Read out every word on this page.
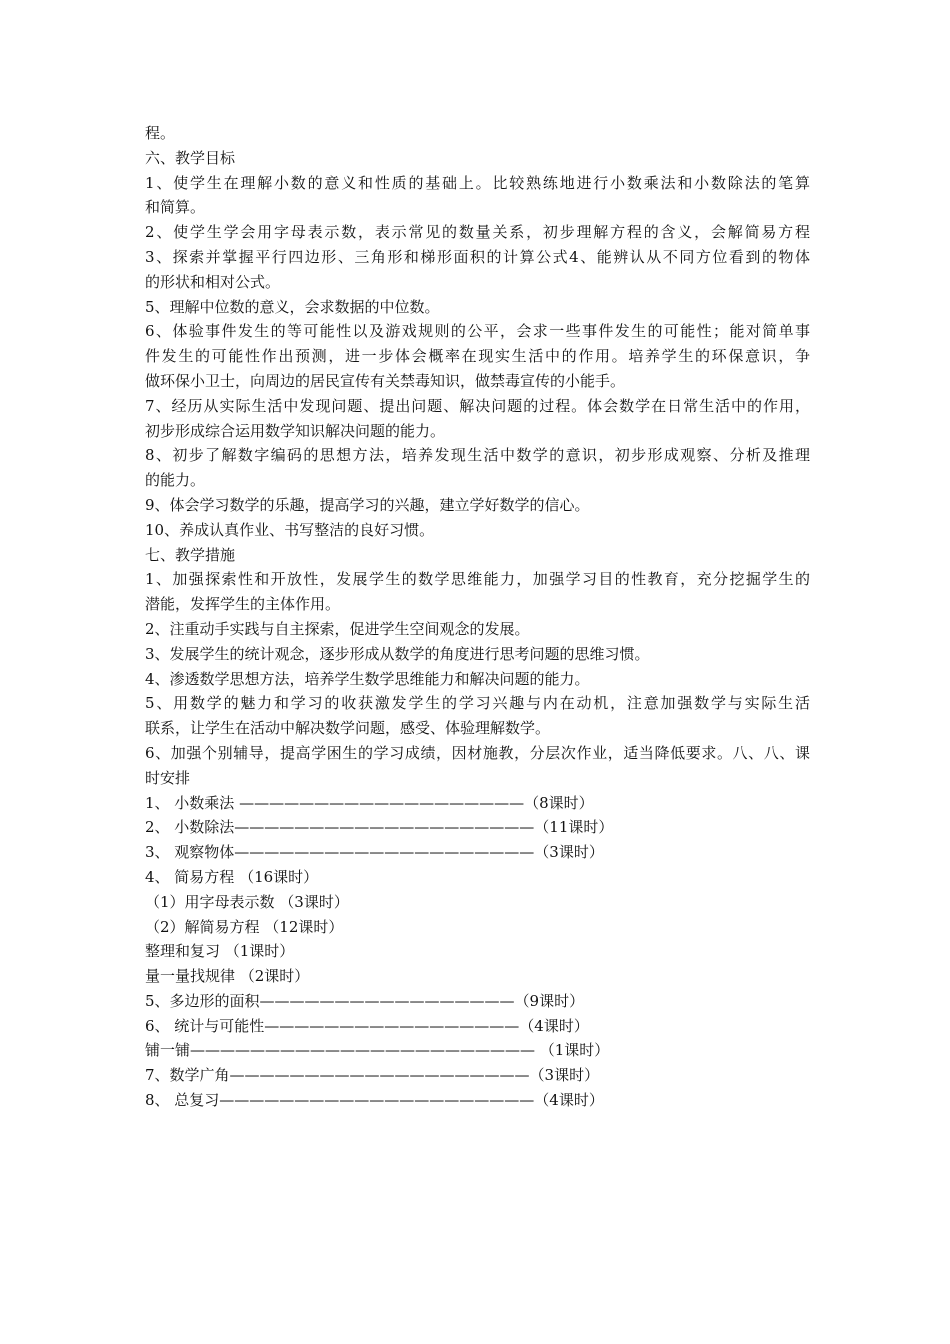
程。
六、教学目标
1、使学生在理解小数的意义和性质的基础上。比较熟练地进行小数乘法和小数除法的笔算
和简算。
2、使学生学会用字母表示数，表示常见的数量关系，初步理解方程的含义，会解简易方程
3、探索并掌握平行四边形、三角形和梯形面积的计算公式4、能辨认从不同方位看到的物体
的形状和相对公式。
5、理解中位数的意义，会求数据的中位数。
6、体验事件发生的等可能性以及游戏规则的公平，会求一些事件发生的可能性；能对简单事
件发生的可能性作出预测，进一步体会概率在现实生活中的作用。培养学生的环保意识，争
做环保小卫士，向周边的居民宣传有关禁毒知识，做禁毒宣传的小能手。
7、经历从实际生活中发现问题、提出问题、解决问题的过程。体会数学在日常生活中的作用，
初步形成综合运用数学知识解决问题的能力。
8、初步了解数字编码的思想方法，培养发现生活中数学的意识，初步形成观察、分析及推理
的能力。
9、体会学习数学的乐趣，提高学习的兴趣，建立学好数学的信心。
10、养成认真作业、书写整洁的良好习惯。
七、教学措施
1、加强探索性和开放性，发展学生的数学思维能力，加强学习目的性教育，充分挖掘学生的
潜能，发挥学生的主体作用。
2、注重动手实践与自主探索，促进学生空间观念的发展。
3、发展学生的统计观念，逐步形成从数学的角度进行思考问题的思维习惯。
4、渗透数学思想方法，培养学生数学思维能力和解决问题的能力。
5、用数学的魅力和学习的收获激发学生的学习兴趣与内在动机，注意加强数学与实际生活
联系，让学生在活动中解决数学问题，感受、体验理解数学。
6、加强个别辅导，提高学困生的学习成绩，因材施教，分层次作业，适当降低要求。八、八、课
时安排
1、 小数乘法 ———————————————————（8课时）
2、 小数除法————————————————————（11课时）
3、 观察物体————————————————————（3课时）
4、 简易方程 （16课时）
（1）用字母表示数 （3课时）
（2）解简易方程 （12课时）
整理和复习 （1课时）
量一量找规律 （2课时）
5、多边形的面积—————————————————（9课时）
6、 统计与可能性—————————————————（4课时）
铺一铺——————————————————————— （1课时）
7、数学广角————————————————————（3课时）
8、 总复习—————————————————————（4课时）
